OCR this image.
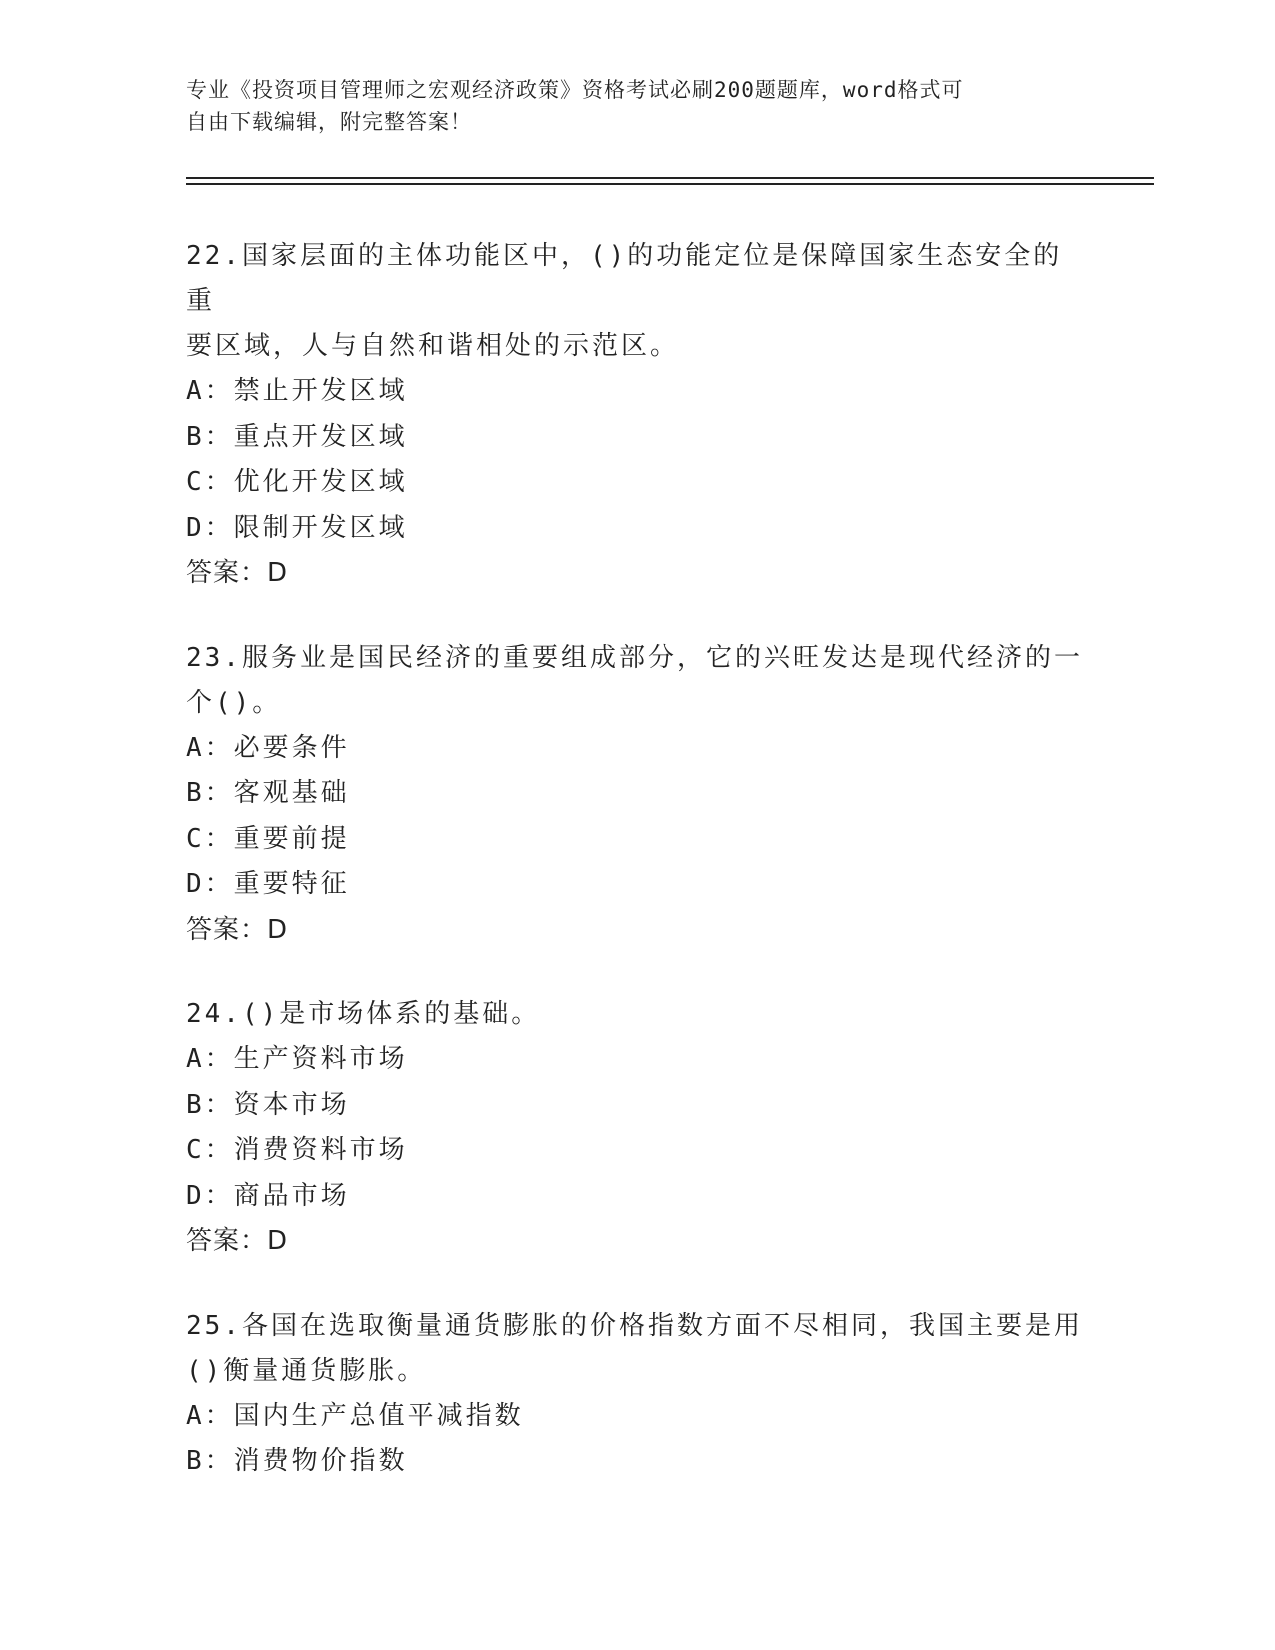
专业《投资项目管理师之宏观经济政策》资格考试必刷200题题库，word格式可
自由下载编辑，附完整答案！
22.国家层面的主体功能区中，()的功能定位是保障国家生态安全的重
要区域，人与自然和谐相处的示范区。
A：禁止开发区域
B：重点开发区域
C：优化开发区域
D：限制开发区域
答案：D
23.服务业是国民经济的重要组成部分，它的兴旺发达是现代经济的一
个()。
A：必要条件
B：客观基础
C：重要前提
D：重要特征
答案：D
24.()是市场体系的基础。
A：生产资料市场
B：资本市场
C：消费资料市场
D：商品市场
答案：D
25.各国在选取衡量通货膨胀的价格指数方面不尽相同，我国主要是用
()衡量通货膨胀。
A：国内生产总值平减指数
B：消费物价指数
